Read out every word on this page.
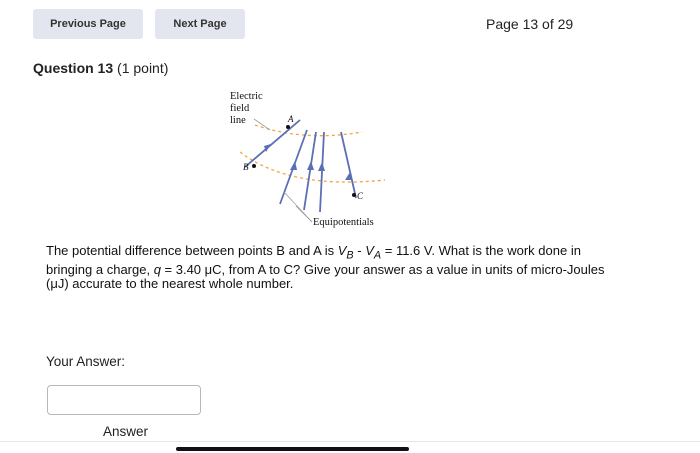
Previous Page	Next Page	Page 13 of 29
Question 13 (1 point)
Electric
field
line	A
B
C
Equipotentials
The potential difference between points B and A is $V_B - V_A = 11.6$ V. What is the work done in bringing a charge, q = 3.40 μC, from A to C? Give your answer as a value in units of micro-Joules (μJ) accurate to the nearest whole number.
Your Answer:
Answer
